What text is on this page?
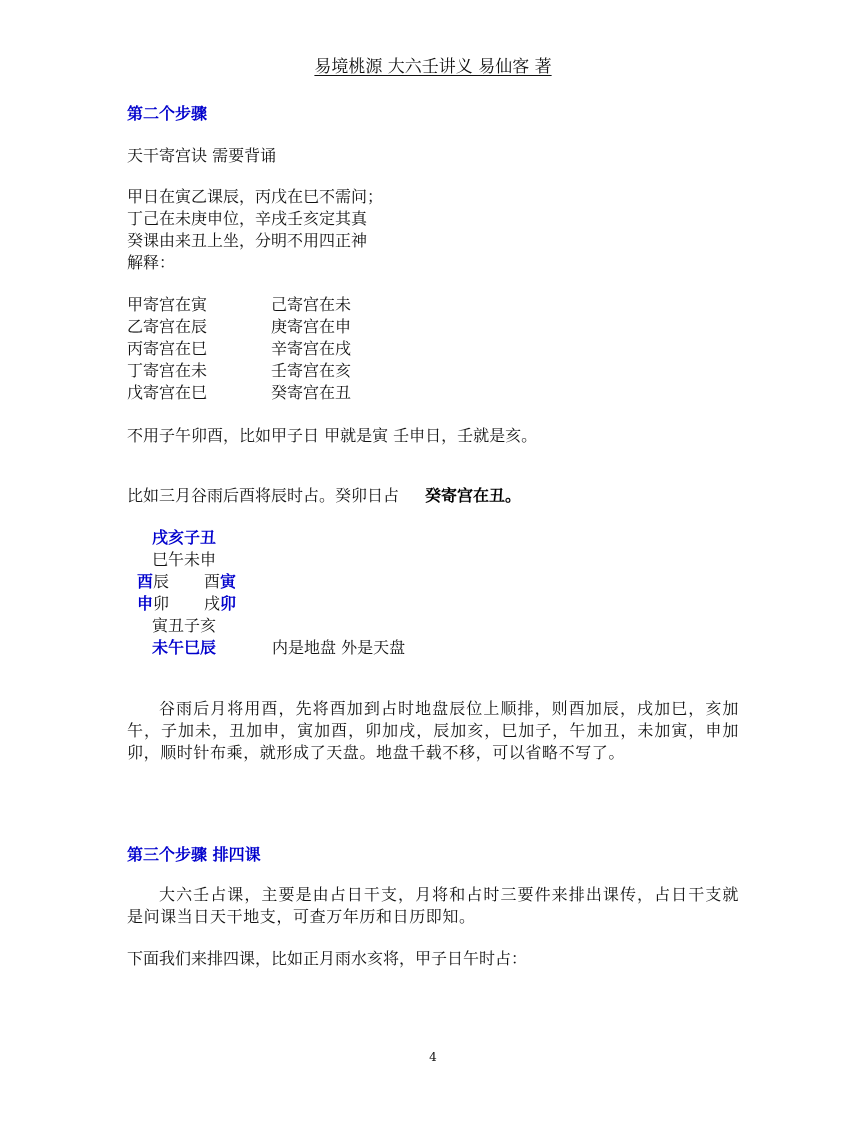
易境桃源 大六壬讲义 易仙客 著
第二个步骤
天干寄宫诀 需要背诵
甲日在寅乙课辰，丙戊在巳不需问；
丁己在未庚申位，辛戌壬亥定其真
癸课由来丑上坐，分明不用四正神
解释：
甲寄宫在寅	己寄宫在未
乙寄宫在辰	庚寄宫在申
丙寄宫在巳	辛寄宫在戌
丁寄宫在未	壬寄宫在亥
戊寄宫在巳	癸寄宫在丑
不用子午卯酉，比如甲子日 甲就是寅 壬申日，壬就是亥。
比如三月谷雨后酉将辰时占。癸卯日占 癸寄宫在丑。
戌亥子丑
巳午未申
酉辰 酉寅
申卯 戌卯
寅丑子亥
未午巳辰	内是地盘 外是天盘
谷雨后月将用酉，先将酉加到占时地盘辰位上顺排，则酉加辰，戌加巳，亥加午，子加未，丑加申，寅加酉，卯加戌，辰加亥，巳加子，午加丑，未加寅，申加卯，顺时针布乘，就形成了天盘。地盘千载不移，可以省略不写了。
第三个步骤 排四课
大六壬占课，主要是由占日干支，月将和占时三要件来排出课传，占日干支就是问课当日天干地支，可查万年历和日历即知。
下面我们来排四课，比如正月雨水亥将，甲子日午时占：
4
